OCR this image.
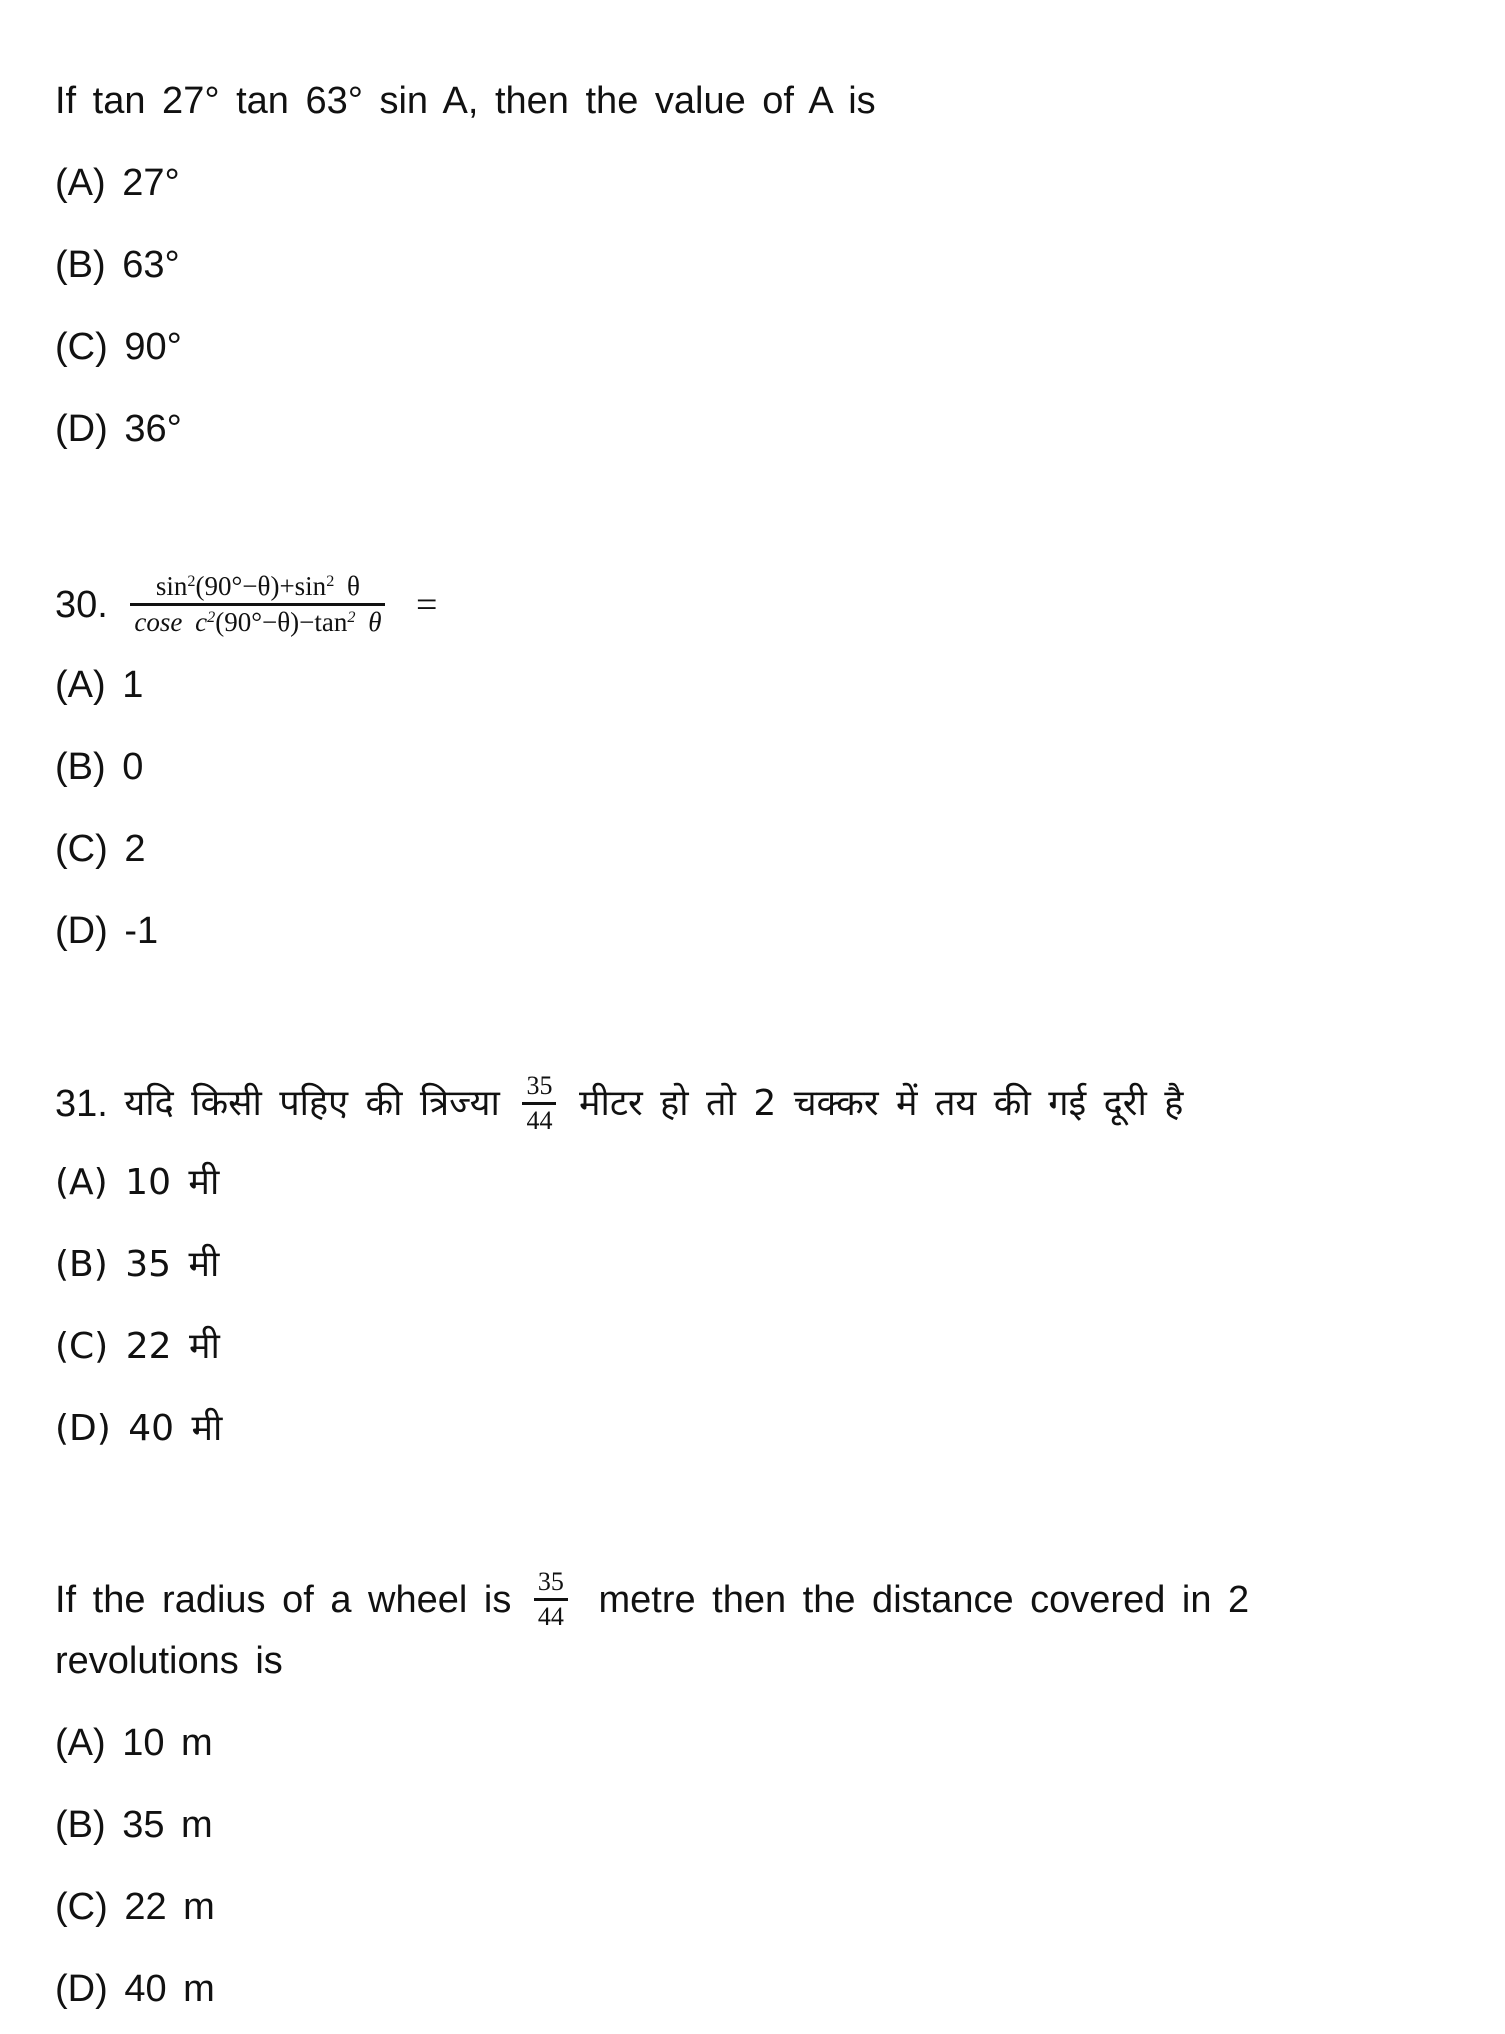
If tan 27° tan 63° sin A, then the value of A is
(A) 27°
(B) 63°
(C) 90°
(D) 36°
30. $\frac{\sin^2(90^\circ-\theta)+\sin^2 \theta}{\cos e c^2(90^\circ-\theta)-\tan^2 \theta}$ =
(A) 1
(B) 0
(C) 2
(D) -1
31. यदि किसी पहिए की त्रिज्या $\frac{35}{44}$ मीटर हो तो 2 चक्कर में तय की गई दूरी है
(A) 10 मी
(B) 35 मी
(C) 22 मी
(D) 40 मी
If the radius of a wheel is $\frac{35}{44}$ metre then the distance covered in 2
revolutions is
(A) 10 m
(B) 35 m
(C) 22 m
(D) 40 m
